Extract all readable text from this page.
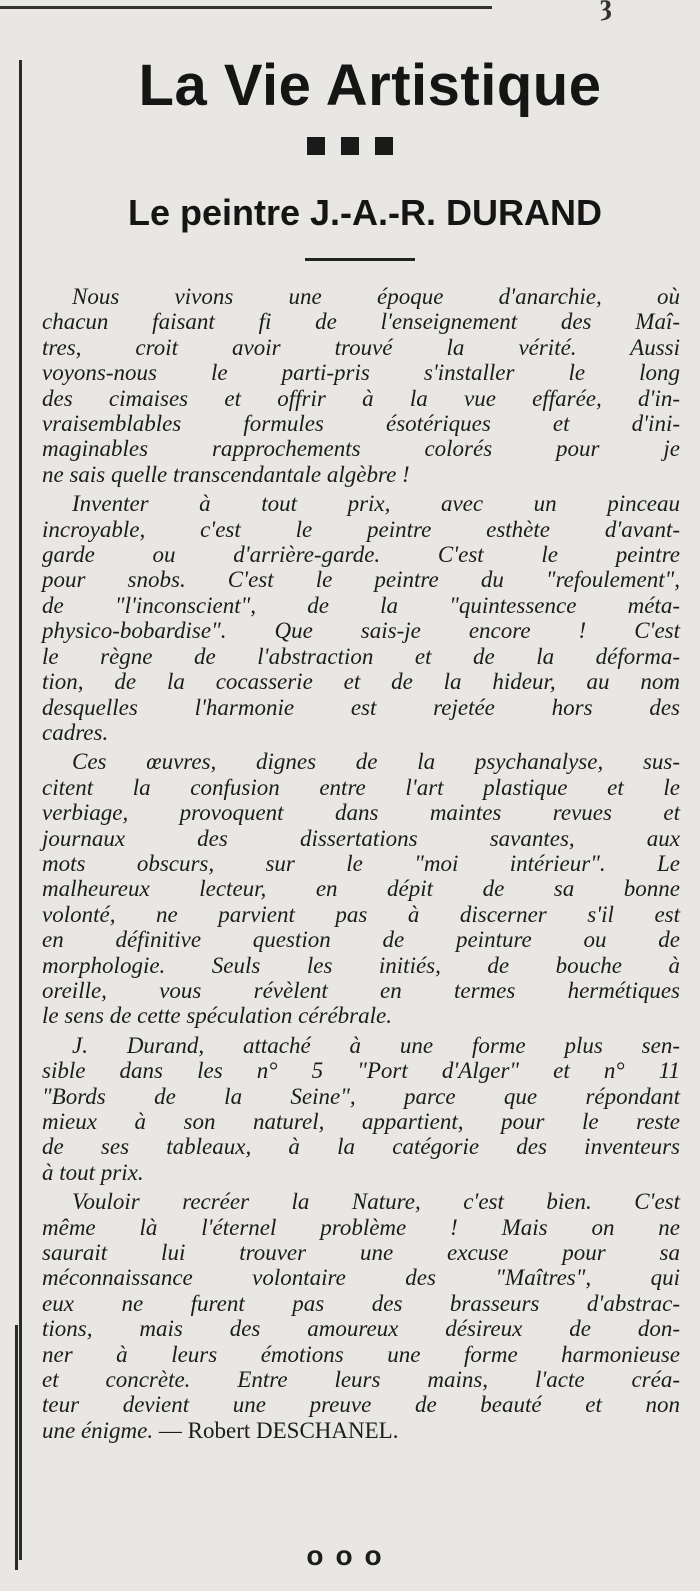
ȝ
La Vie Artistique

Le peintre J.-A.-R. DURAND
Nous vivons une époque d'anarchie, où
chacun faisant fi de l'enseignement des Maî-
tres, croit avoir trouvé la vérité. Aussi
voyons-nous le parti-pris s'installer le long
des cimaises et offrir à la vue effarée, d'in-
vraisemblables formules ésotériques et d'ini-
maginables rapprochements colorés pour je
ne sais quelle transcendantale algèbre !
Inventer à tout prix, avec un pinceau
incroyable, c'est le peintre esthète d'avant-
garde ou d'arrière-garde. C'est le peintre
pour snobs. C'est le peintre du "refoulement",
de "l'inconscient", de la "quintessence méta-
physico-bobardise". Que sais-je encore ! C'est
le règne de l'abstraction et de la déforma-
tion, de la cocasserie et de la hideur, au nom
desquelles l'harmonie est rejetée hors des
cadres.
Ces œuvres, dignes de la psychanalyse, sus-
citent la confusion entre l'art plastique et le
verbiage, provoquent dans maintes revues et
journaux des dissertations savantes, aux
mots obscurs, sur le "moi intérieur". Le
malheureux lecteur, en dépit de sa bonne
volonté, ne parvient pas à discerner s'il est
en définitive question de peinture ou de
morphologie. Seuls les initiés, de bouche à
oreille, vous révèlent en termes hermétiques
le sens de cette spéculation cérébrale.
J. Durand, attaché à une forme plus sen-
sible dans les n° 5 "Port d'Alger" et n° 11
"Bords de la Seine", parce que répondant
mieux à son naturel, appartient, pour le reste
de ses tableaux, à la catégorie des inventeurs
à tout prix.
Vouloir recréer la Nature, c'est bien. C'est
même là l'éternel problème ! Mais on ne
saurait lui trouver une excuse pour sa
méconnaissance volontaire des "Maîtres", qui
eux ne furent pas des brasseurs d'abstrac-
tions, mais des amoureux désireux de don-
ner à leurs émotions une forme harmonieuse
et concrète. Entre leurs mains, l'acte créa-
teur devient une preuve de beauté et non
une énigme. — Robert DESCHANEL.
ooo
